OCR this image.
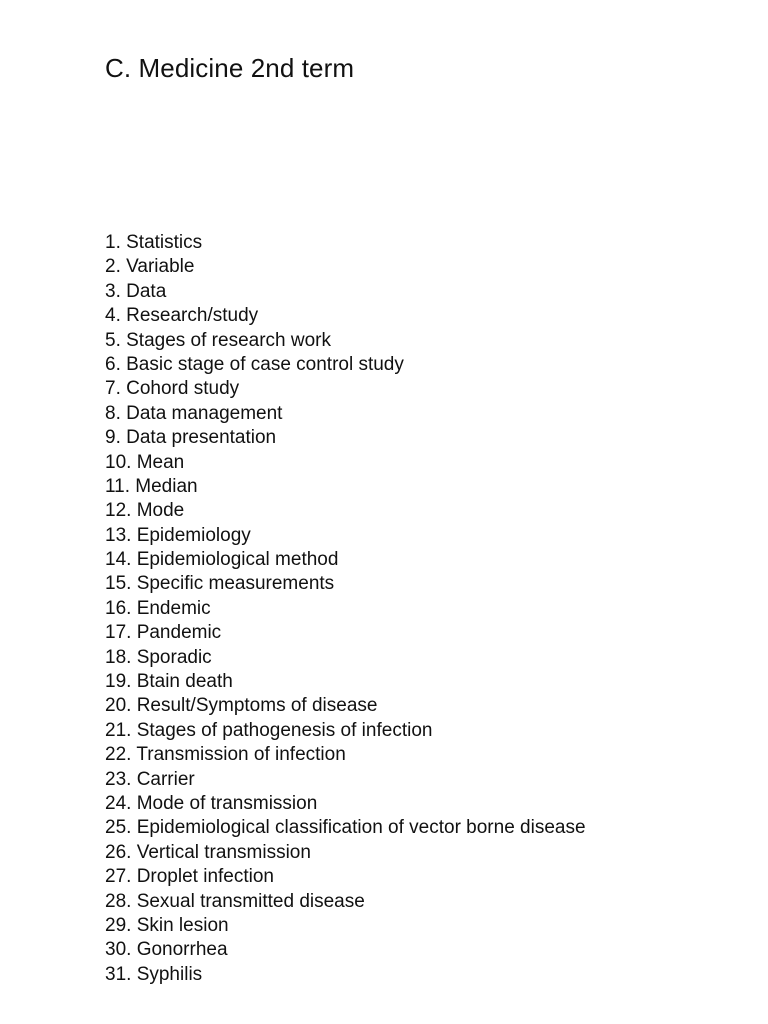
C. Medicine 2nd term
1. Statistics
2. Variable
3. Data
4. Research/study
5. Stages of research work
6. Basic stage of case control study
7. Cohord study
8. Data management
9. Data presentation
10. Mean
11. Median
12. Mode
13. Epidemiology
14. Epidemiological method
15. Specific measurements
16. Endemic
17. Pandemic
18. Sporadic
19. Btain death
20. Result/Symptoms of disease
21. Stages of pathogenesis of infection
22. Transmission of infection
23. Carrier
24. Mode of transmission
25. Epidemiological classification of vector borne disease
26. Vertical transmission
27. Droplet infection
28. Sexual transmitted disease
29. Skin lesion
30. Gonorrhea
31. Syphilis
